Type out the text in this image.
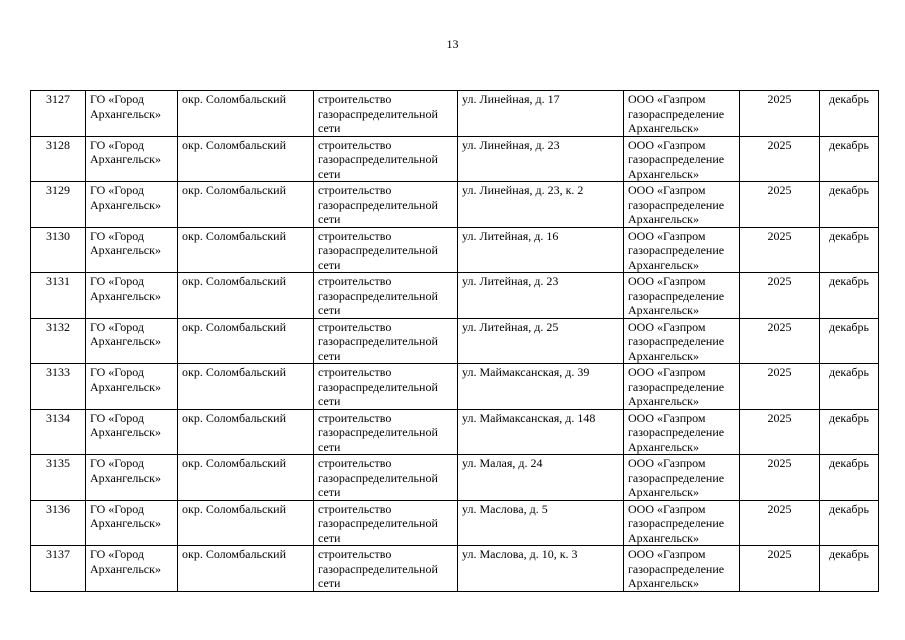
13
3127	ГО «Город Архангельск»	окр. Соломбальский	строительство газораспределительной сети	ул. Линейная, д. 17	ООО «Газпром газораспределение Архангельск»	2025	декабрь
3128	ГО «Город Архангельск»	окр. Соломбальский	строительство газораспределительной сети	ул. Линейная, д. 23	ООО «Газпром газораспределение Архангельск»	2025	декабрь
3129	ГО «Город Архангельск»	окр. Соломбальский	строительство газораспределительной сети	ул. Линейная, д. 23, к. 2	ООО «Газпром газораспределение Архангельск»	2025	декабрь
3130	ГО «Город Архангельск»	окр. Соломбальский	строительство газораспределительной сети	ул. Литейная, д. 16	ООО «Газпром газораспределение Архангельск»	2025	декабрь
3131	ГО «Город Архангельск»	окр. Соломбальский	строительство газораспределительной сети	ул. Литейная, д. 23	ООО «Газпром газораспределение Архангельск»	2025	декабрь
3132	ГО «Город Архангельск»	окр. Соломбальский	строительство газораспределительной сети	ул. Литейная, д. 25	ООО «Газпром газораспределение Архангельск»	2025	декабрь
3133	ГО «Город Архангельск»	окр. Соломбальский	строительство газораспределительной сети	ул. Маймаксанская, д. 39	ООО «Газпром газораспределение Архангельск»	2025	декабрь
3134	ГО «Город Архангельск»	окр. Соломбальский	строительство газораспределительной сети	ул. Маймаксанская, д. 148	ООО «Газпром газораспределение Архангельск»	2025	декабрь
3135	ГО «Город Архангельск»	окр. Соломбальский	строительство газораспределительной сети	ул. Малая, д. 24	ООО «Газпром газораспределение Архангельск»	2025	декабрь
3136	ГО «Город Архангельск»	окр. Соломбальский	строительство газораспределительной сети	ул. Маслова, д. 5	ООО «Газпром газораспределение Архангельск»	2025	декабрь
3137	ГО «Город Архангельск»	окр. Соломбальский	строительство газораспределительной сети	ул. Маслова, д. 10, к. 3	ООО «Газпром газораспределение Архангельск»	2025	декабрь
